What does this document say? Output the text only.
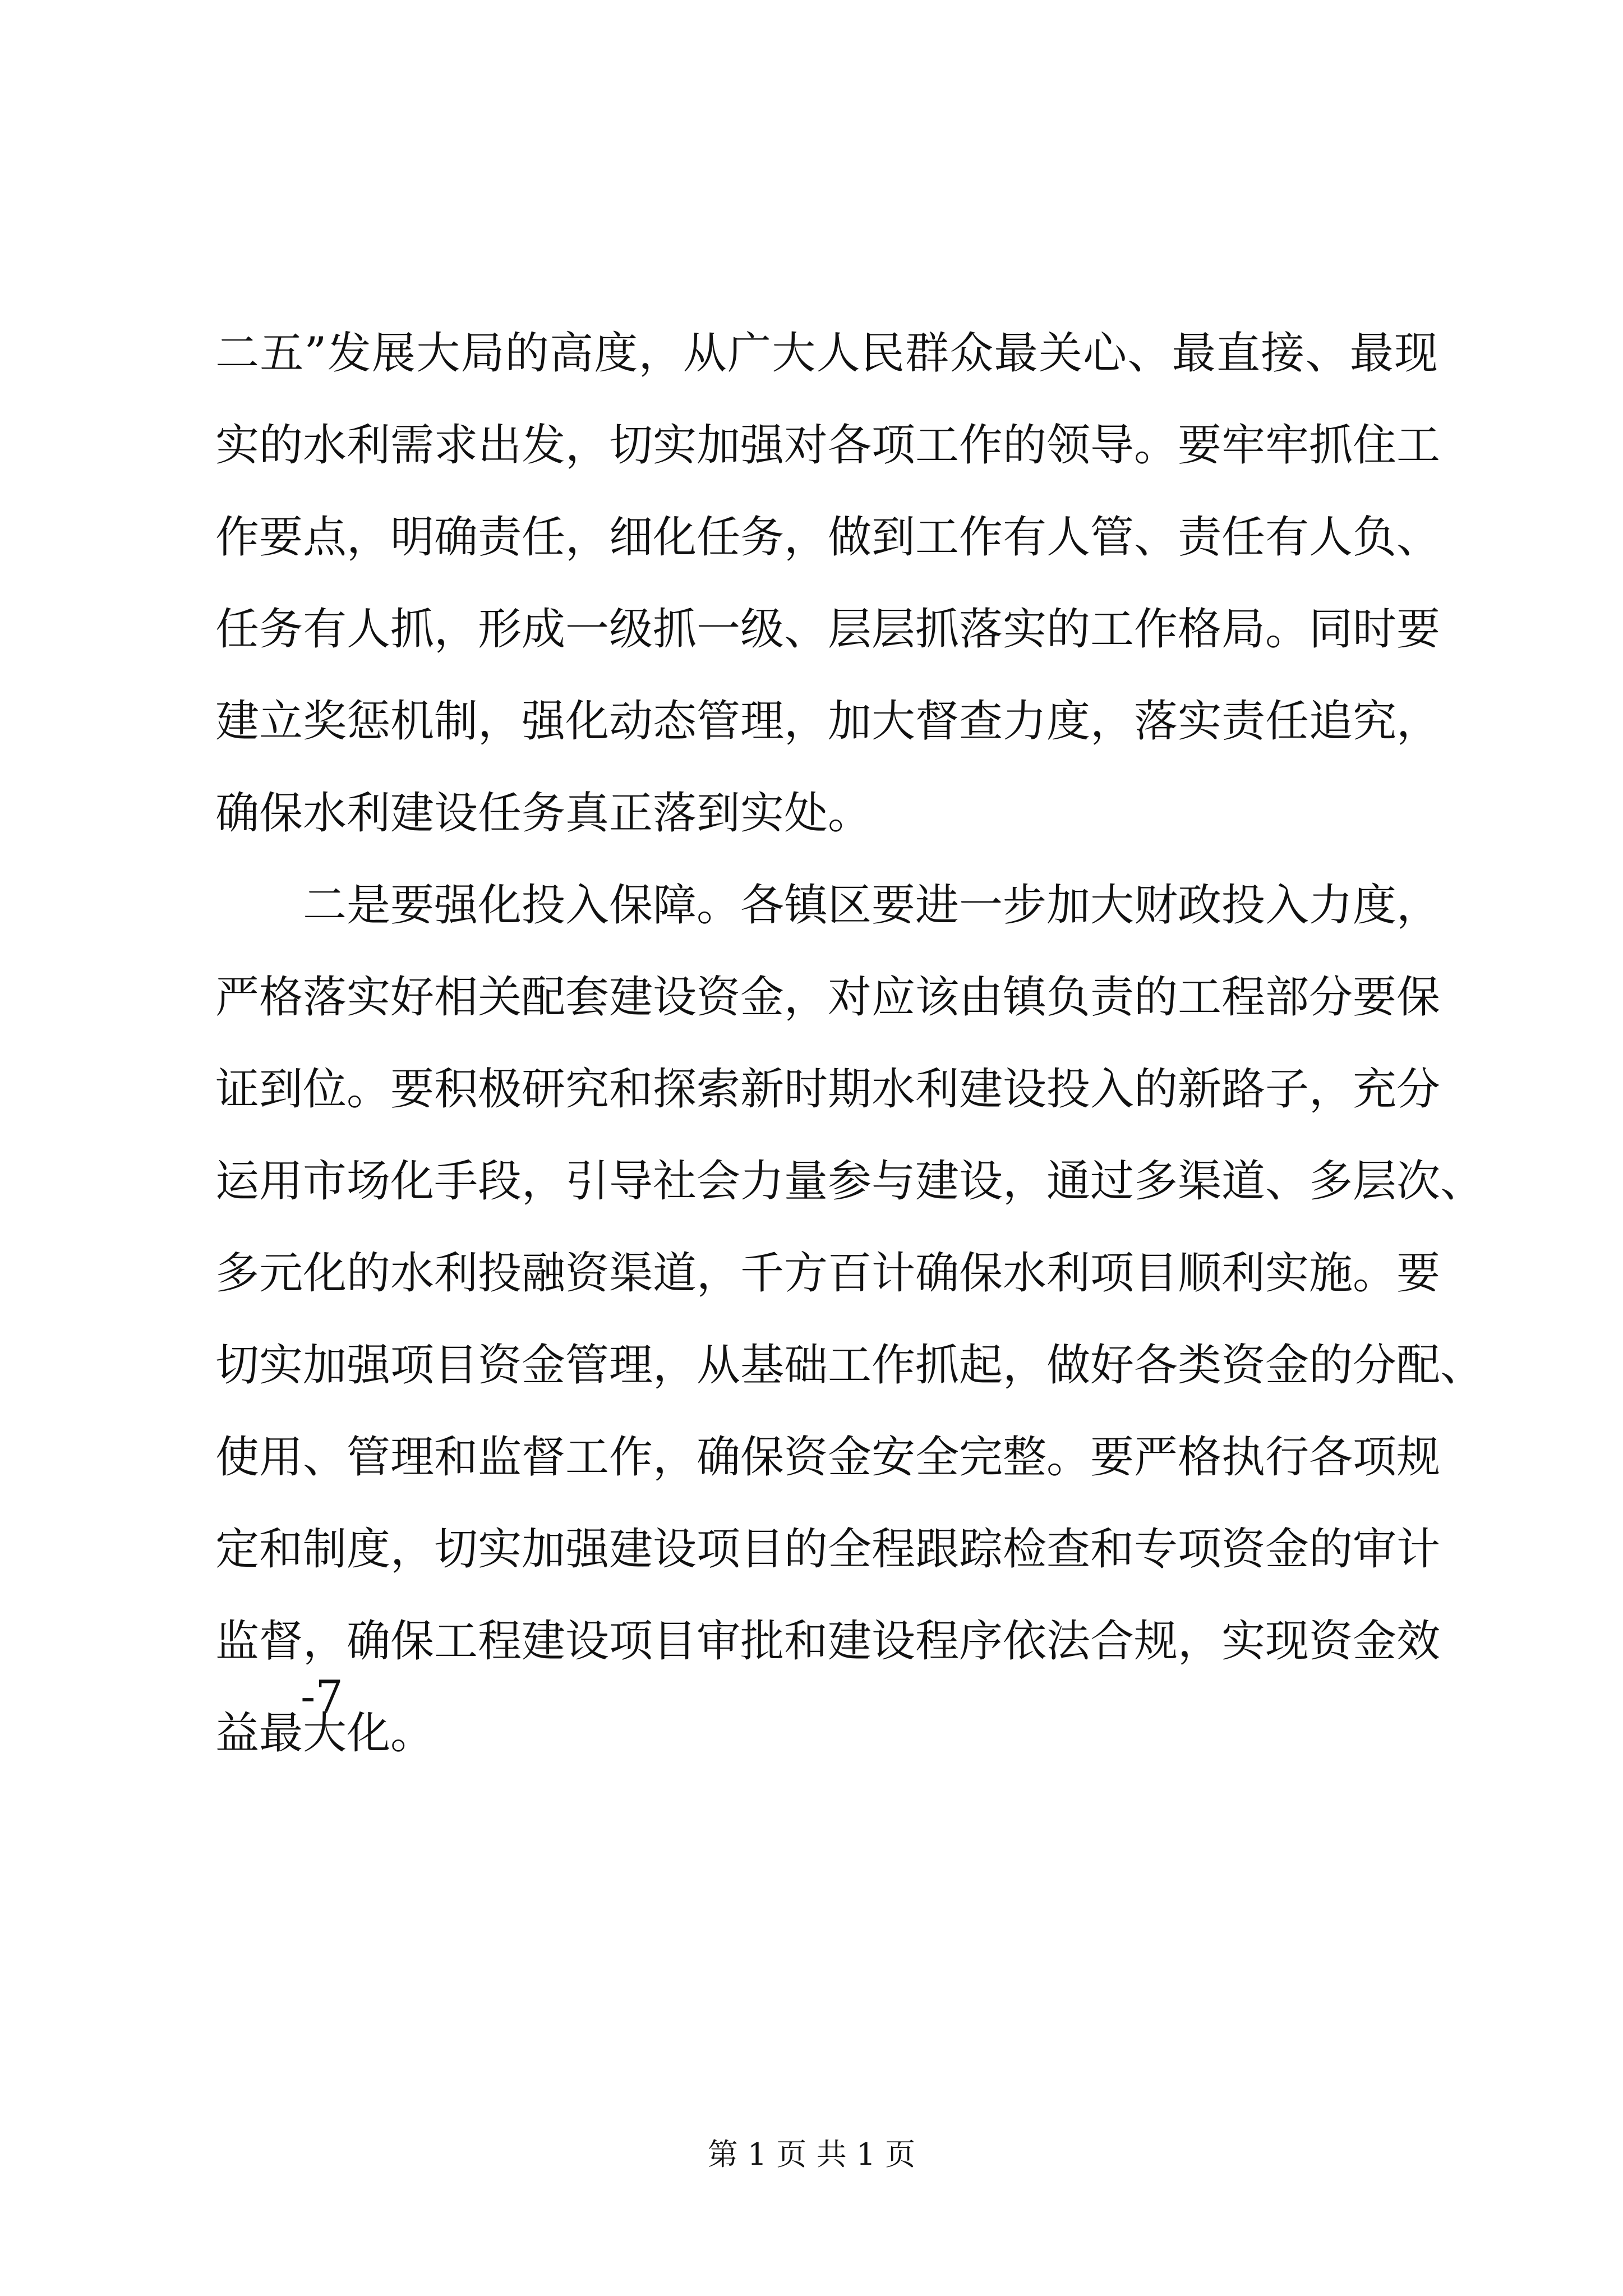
二五”发展大局的高度，从广大人民群众最关心、最直接、最现
实的水利需求出发，切实加强对各项工作的领导。要牢牢抓住工
作要点，明确责任，细化任务，做到工作有人管、责任有人负、
任务有人抓，形成一级抓一级、层层抓落实的工作格局。同时要
建立奖惩机制，强化动态管理，加大督查力度，落实责任追究，
确保水利建设任务真正落到实处。
二是要强化投入保障。各镇区要进一步加大财政投入力度，
严格落实好相关配套建设资金，对应该由镇负责的工程部分要保
证到位。要积极研究和探索新时期水利建设投入的新路子，充分
运用市场化手段，引导社会力量参与建设，通过多渠道、多层次、
多元化的水利投融资渠道，千方百计确保水利项目顺利实施。要
切实加强项目资金管理，从基础工作抓起，做好各类资金的分配、
使用、管理和监督工作，确保资金安全完整。要严格执行各项规
定和制度，切实加强建设项目的全程跟踪检查和专项资金的审计
监督，确保工程建设项目审批和建设程序依法合规，实现资金效
益最大化。
-7
第 1 页 共 1 页
